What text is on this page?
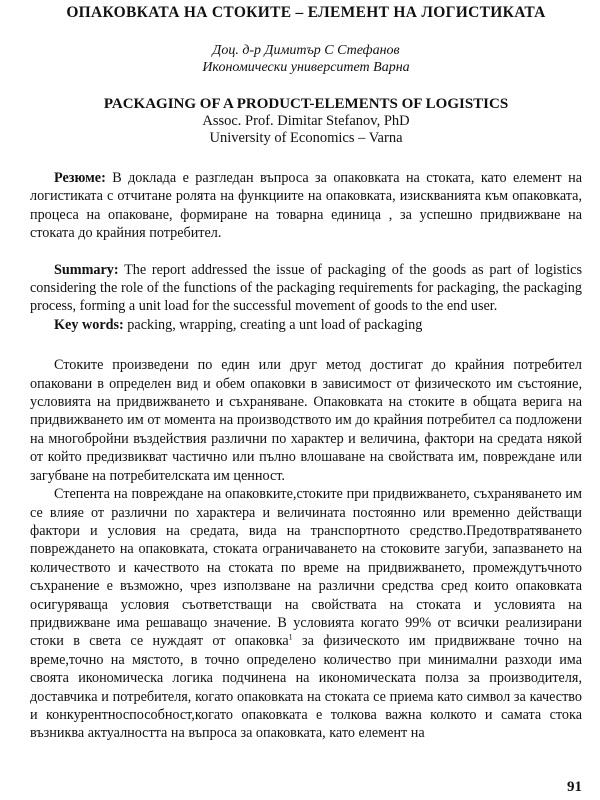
ОПАКОВКАТА НА СТОКИТЕ – ЕЛЕМЕНТ НА ЛОГИСТИКАТА
Доц. д-р Димитър С Стефанов
Икономически университет Варна
PACKAGING OF A PRODUCT-ELEMENTS OF LOGISTICS
Assoc. Prof. Dimitar Stefanov, PhD
University of Economics – Varna

Резюме: В доклада е разгледан въпроса за опаковката на стоката, като елемент на логистиката с отчитане ролята на функциите на опаковката, изискванията към опаковката, процеса на опаковане, формиране на товарна единица , за успешно придвижване на стоката до крайния потребител.

Summary: The report addressed the issue of packaging of the goods as part of logistics considering the role of the functions of the packaging requirements for packaging, the packaging process, forming a unit load for the successful movement of goods to the end user.

Key words: packing, wrapping, creating a unt load of packaging

Стоките произведени по един или друг метод достигат до крайния потребител опаковани в определен вид и обем опаковки в зависимост от физическото им състояние, условията на придвижването и съхраняване. Опаковката на стоките в общата верига на придвижването им от момента на производството им до крайния потребител са подложени на многобройни въздействия различни по характер и величина, фактори на средата някой от който предизвикват частично или пълно влошаване на свойствата им, повреждане или загубване на потребителската им ценност.

Степента на повреждане на опаковките,стоките при придвижването, съхраняването им се влияе от различни по характера и величината постоянно или временно действащи фактори и условия на средата, вида на транспортното средство.Предотвратяването повреждането на опаковката, стоката ограничаването на стоковите загуби, запазването на количеството и качеството на стоката по време на придвижването, промеждутъчното съхранение е възможно, чрез използване на различни средства сред които опаковката осигуряваща условия съответстващи на свойствата на стоката и условията на придвижване има решаващо значение. В условията когато 99% от всички реализирани стоки в света се нуждаят от опаковка$^1$ за физическото им придвижване точно на време,точно на мястото, в точно определено количество при минимални разходи има своята икономическа логика подчинена на икономическата полза за производителя, доставчика и потребителя, когато опаковката на стоката се приема като символ за качество и конкурентноспособност,когато опаковката е толкова важна колкото и самата стока възниква актуалността на въпроса за опаковката, като елемент на

91
